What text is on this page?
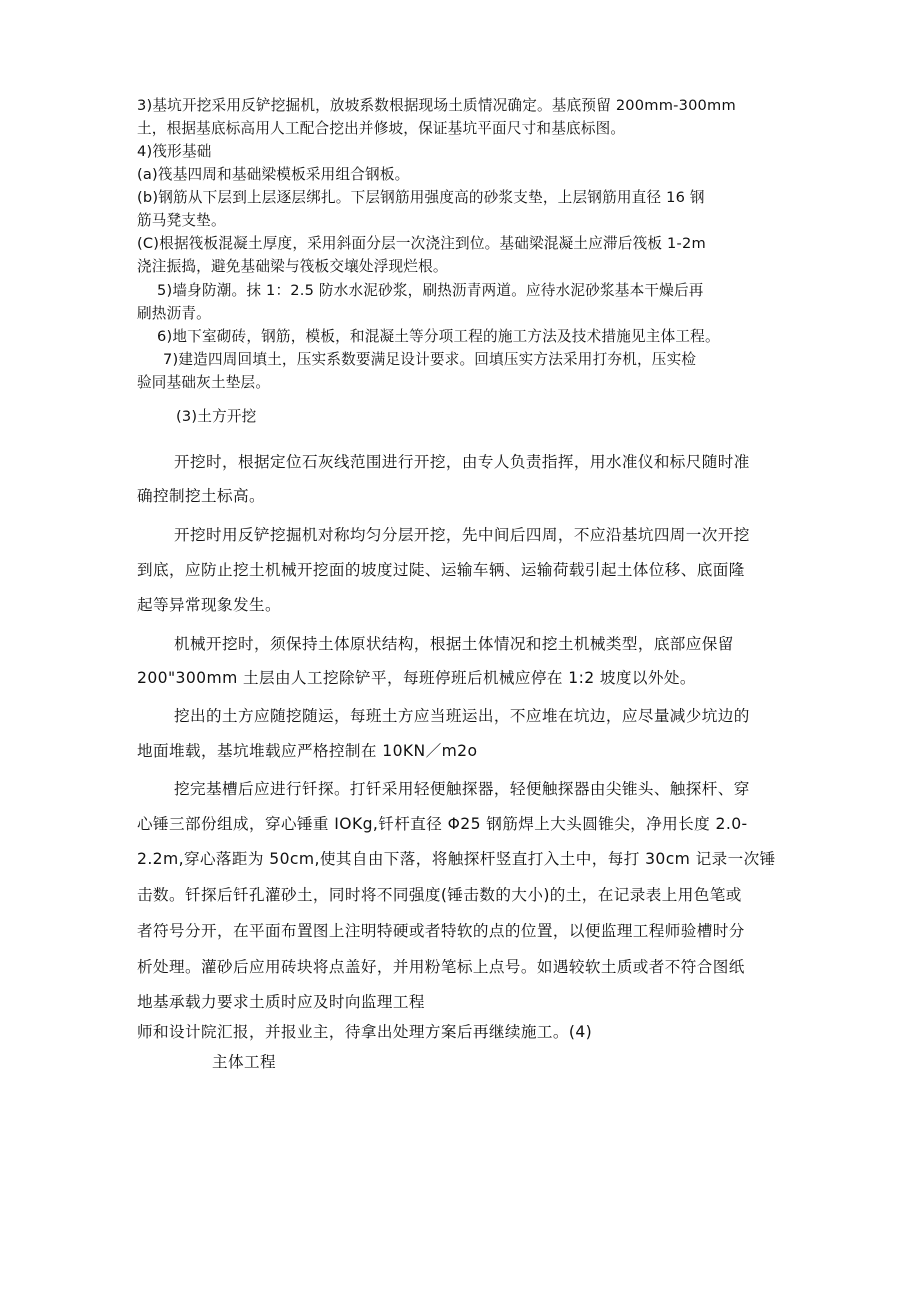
3)基坑开挖采用反铲挖掘机，放坡系数根据现场土质情况确定。基底预留 200mm-300mm
土，根据基底标高用人工配合挖出并修坡，保证基坑平面尺寸和基底标图。
4)筏形基础
(a)筏基四周和基础梁模板采用组合钢板。
(b)钢筋从下层到上层逐层绑扎。下层钢筋用强度高的砂浆支垫，上层钢筋用直径 16 钢
筋马凳支垫。
(C)根据筏板混凝土厚度，采用斜面分层一次浇注到位。基础梁混凝土应滞后筏板 1-2m
浇注振捣，避免基础梁与筏板交壤处浮现烂根。
5)墙身防潮。抹 1：2.5 防水水泥砂浆，刷热沥青两道。应待水泥砂浆基本干燥后再
刷热沥青。
6)地下室砌砖，钢筋，模板，和混凝土等分项工程的施工方法及技术措施见主体工程。
7)建造四周回填土，压实系数要满足设计要求。回填压实方法采用打夯机，压实检
验同基础灰土垫层。
(3)土方开挖
开挖时，根据定位石灰线范围进行开挖，由专人负责指挥，用水准仪和标尺随时准
确控制挖土标高。
开挖时用反铲挖掘机对称均匀分层开挖，先中间后四周，不应沿基坑四周一次开挖
到底，应防止挖土机械开挖面的坡度过陡、运输车辆、运输荷载引起土体位移、底面隆
起等异常现象发生。
机械开挖时，须保持土体原状结构，根据土体情况和挖土机械类型，底部应保留
200"300mm 土层由人工挖除铲平，每班停班后机械应停在 1:2 坡度以外处。
挖出的土方应随挖随运，每班土方应当班运出，不应堆在坑边，应尽量减少坑边的
地面堆载，基坑堆载应严格控制在 10KN／m2o
挖完基槽后应进行钎探。打钎采用轻便触探器，轻便触探器由尖锥头、触探杆、穿
心锤三部份组成，穿心锤重 IOKg,钎杆直径 Φ25 钢筋焊上大头圆锥尖，净用长度 2.0-
2.2m,穿心落距为 50cm,使其自由下落，将触探杆竖直打入土中，每打 30cm 记录一次锤
击数。钎探后钎孔灌砂土，同时将不同强度(锤击数的大小)的土，在记录表上用色笔或
者符号分开，在平面布置图上注明特硬或者特软的点的位置，以便监理工程师验槽时分
析处理。灌砂后应用砖块将点盖好，并用粉笔标上点号。如遇较软土质或者不符合图纸
地基承载力要求土质时应及时向监理工程
师和设计院汇报，并报业主，待拿出处理方案后再继续施工。(4)
主体工程
